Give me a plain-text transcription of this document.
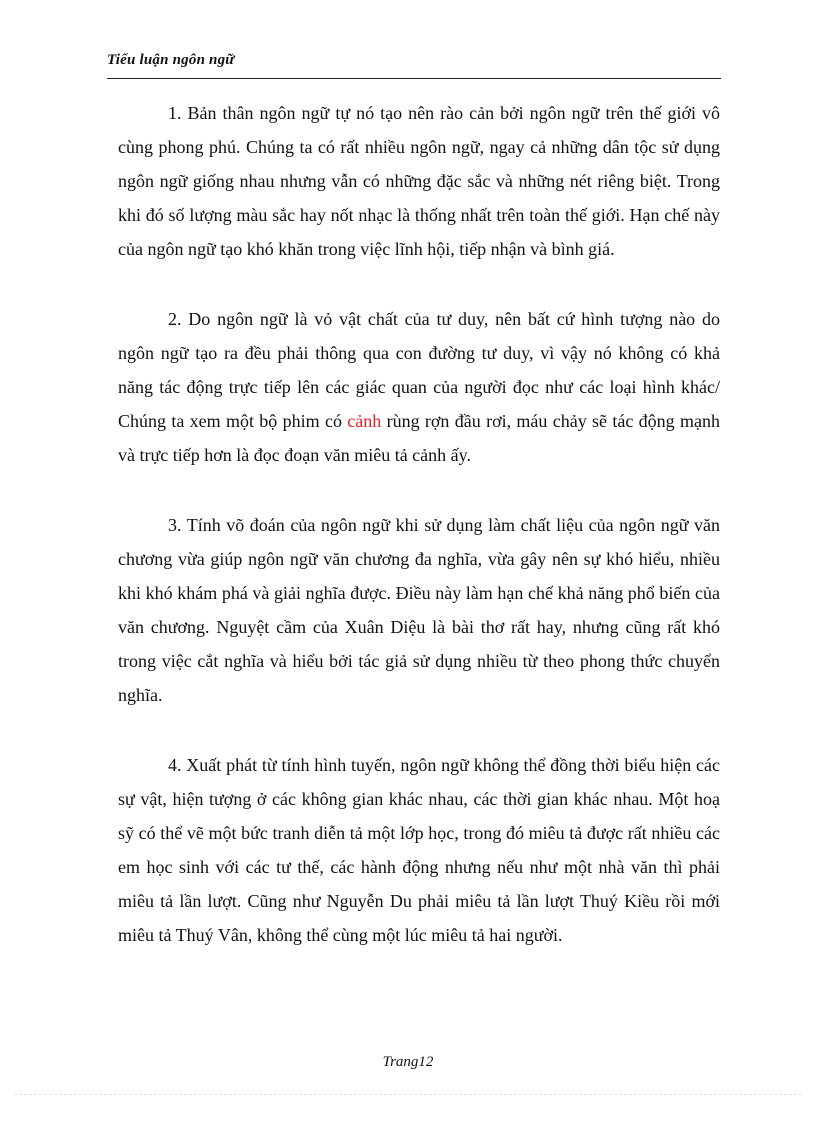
Tiểu luận ngôn ngữ

1. Bản thân ngôn ngữ tự nó tạo nên rào cản bởi ngôn ngữ trên thế giới vô cùng phong phú. Chúng ta có rất nhiều ngôn ngữ, ngay cả những dân tộc sử dụng ngôn ngữ giống nhau nhưng vẫn có những đặc sắc và những nét riêng biệt. Trong khi đó số lượng màu sắc hay nốt nhạc là thống nhất trên toàn thế giới. Hạn chế này của ngôn ngữ tạo khó khăn trong việc lĩnh hội, tiếp nhận và bình giá.

2. Do ngôn ngữ là vỏ vật chất của tư duy, nên bất cứ hình tượng nào do ngôn ngữ tạo ra đều phải thông qua con đường tư duy, vì vậy nó không có khả năng tác động trực tiếp lên các giác quan của người đọc như các loại hình khác/ Chúng ta xem một bộ phim có cảnh rùng rợn đầu rơi, máu chảy sẽ tác động mạnh và trực tiếp hơn là đọc đoạn văn miêu tả cảnh ấy.

3. Tính võ đoán của ngôn ngữ khi sử dụng làm chất liệu của ngôn ngữ văn chương vừa giúp ngôn ngữ văn chương đa nghĩa, vừa gây nên sự khó hiểu, nhiều khi khó khám phá và giải nghĩa được. Điều này làm hạn chế khả năng phổ biến của văn chương. Nguyệt cầm của Xuân Diệu là bài thơ rất hay, nhưng cũng rất khó trong việc cắt nghĩa và hiểu bởi tác giả sử dụng nhiều từ theo phong thức chuyển nghĩa.

4. Xuất phát từ tính hình tuyến, ngôn ngữ không thể đồng thời biểu hiện các sự vật, hiện tượng ở các không gian khác nhau, các thời gian khác nhau. Một hoạ sỹ có thể vẽ một bức tranh diễn tả một lớp học, trong đó miêu tả được rất nhiều các em học sinh với các tư thế, các hành động nhưng nếu như một nhà văn thì phải miêu tả lần lượt. Cũng như Nguyễn Du phải miêu tả lần lượt Thuý Kiều rồi mới miêu tả Thuý Vân, không thể cùng một lúc miêu tả hai người.

Trang12
